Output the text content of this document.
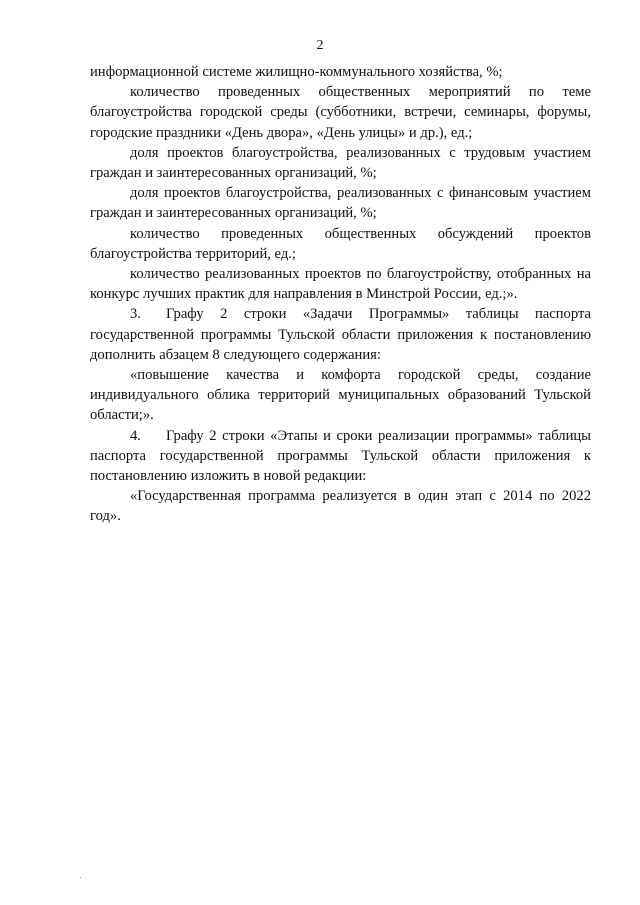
2

информационной системе жилищно-коммунального хозяйства, %;

количество проведенных общественных мероприятий по теме благоустройства городской среды (субботники, встречи, семинары, форумы, городские праздники «День двора», «День улицы» и др.), ед.;

доля проектов благоустройства, реализованных с трудовым участием граждан и заинтересованных организаций, %;

доля проектов благоустройства, реализованных с финансовым участием граждан и заинтересованных организаций, %;

количество проведенных общественных обсуждений проектов благоустройства территорий, ед.;

количество реализованных проектов по благоустройству, отобранных на конкурс лучших практик для направления в Минстрой России, ед.;».

3. Графу 2 строки «Задачи Программы» таблицы паспорта государственной программы Тульской области приложения к постановлению дополнить абзацем 8 следующего содержания:

«повышение качества и комфорта городской среды, создание индивидуального облика территорий муниципальных образований Тульской области;».

4. Графу 2 строки «Этапы и сроки реализации программы» таблицы паспорта государственной программы Тульской области приложения к постановлению изложить в новой редакции:

«Государственная программа реализуется в один этап с 2014 по 2022 год».
